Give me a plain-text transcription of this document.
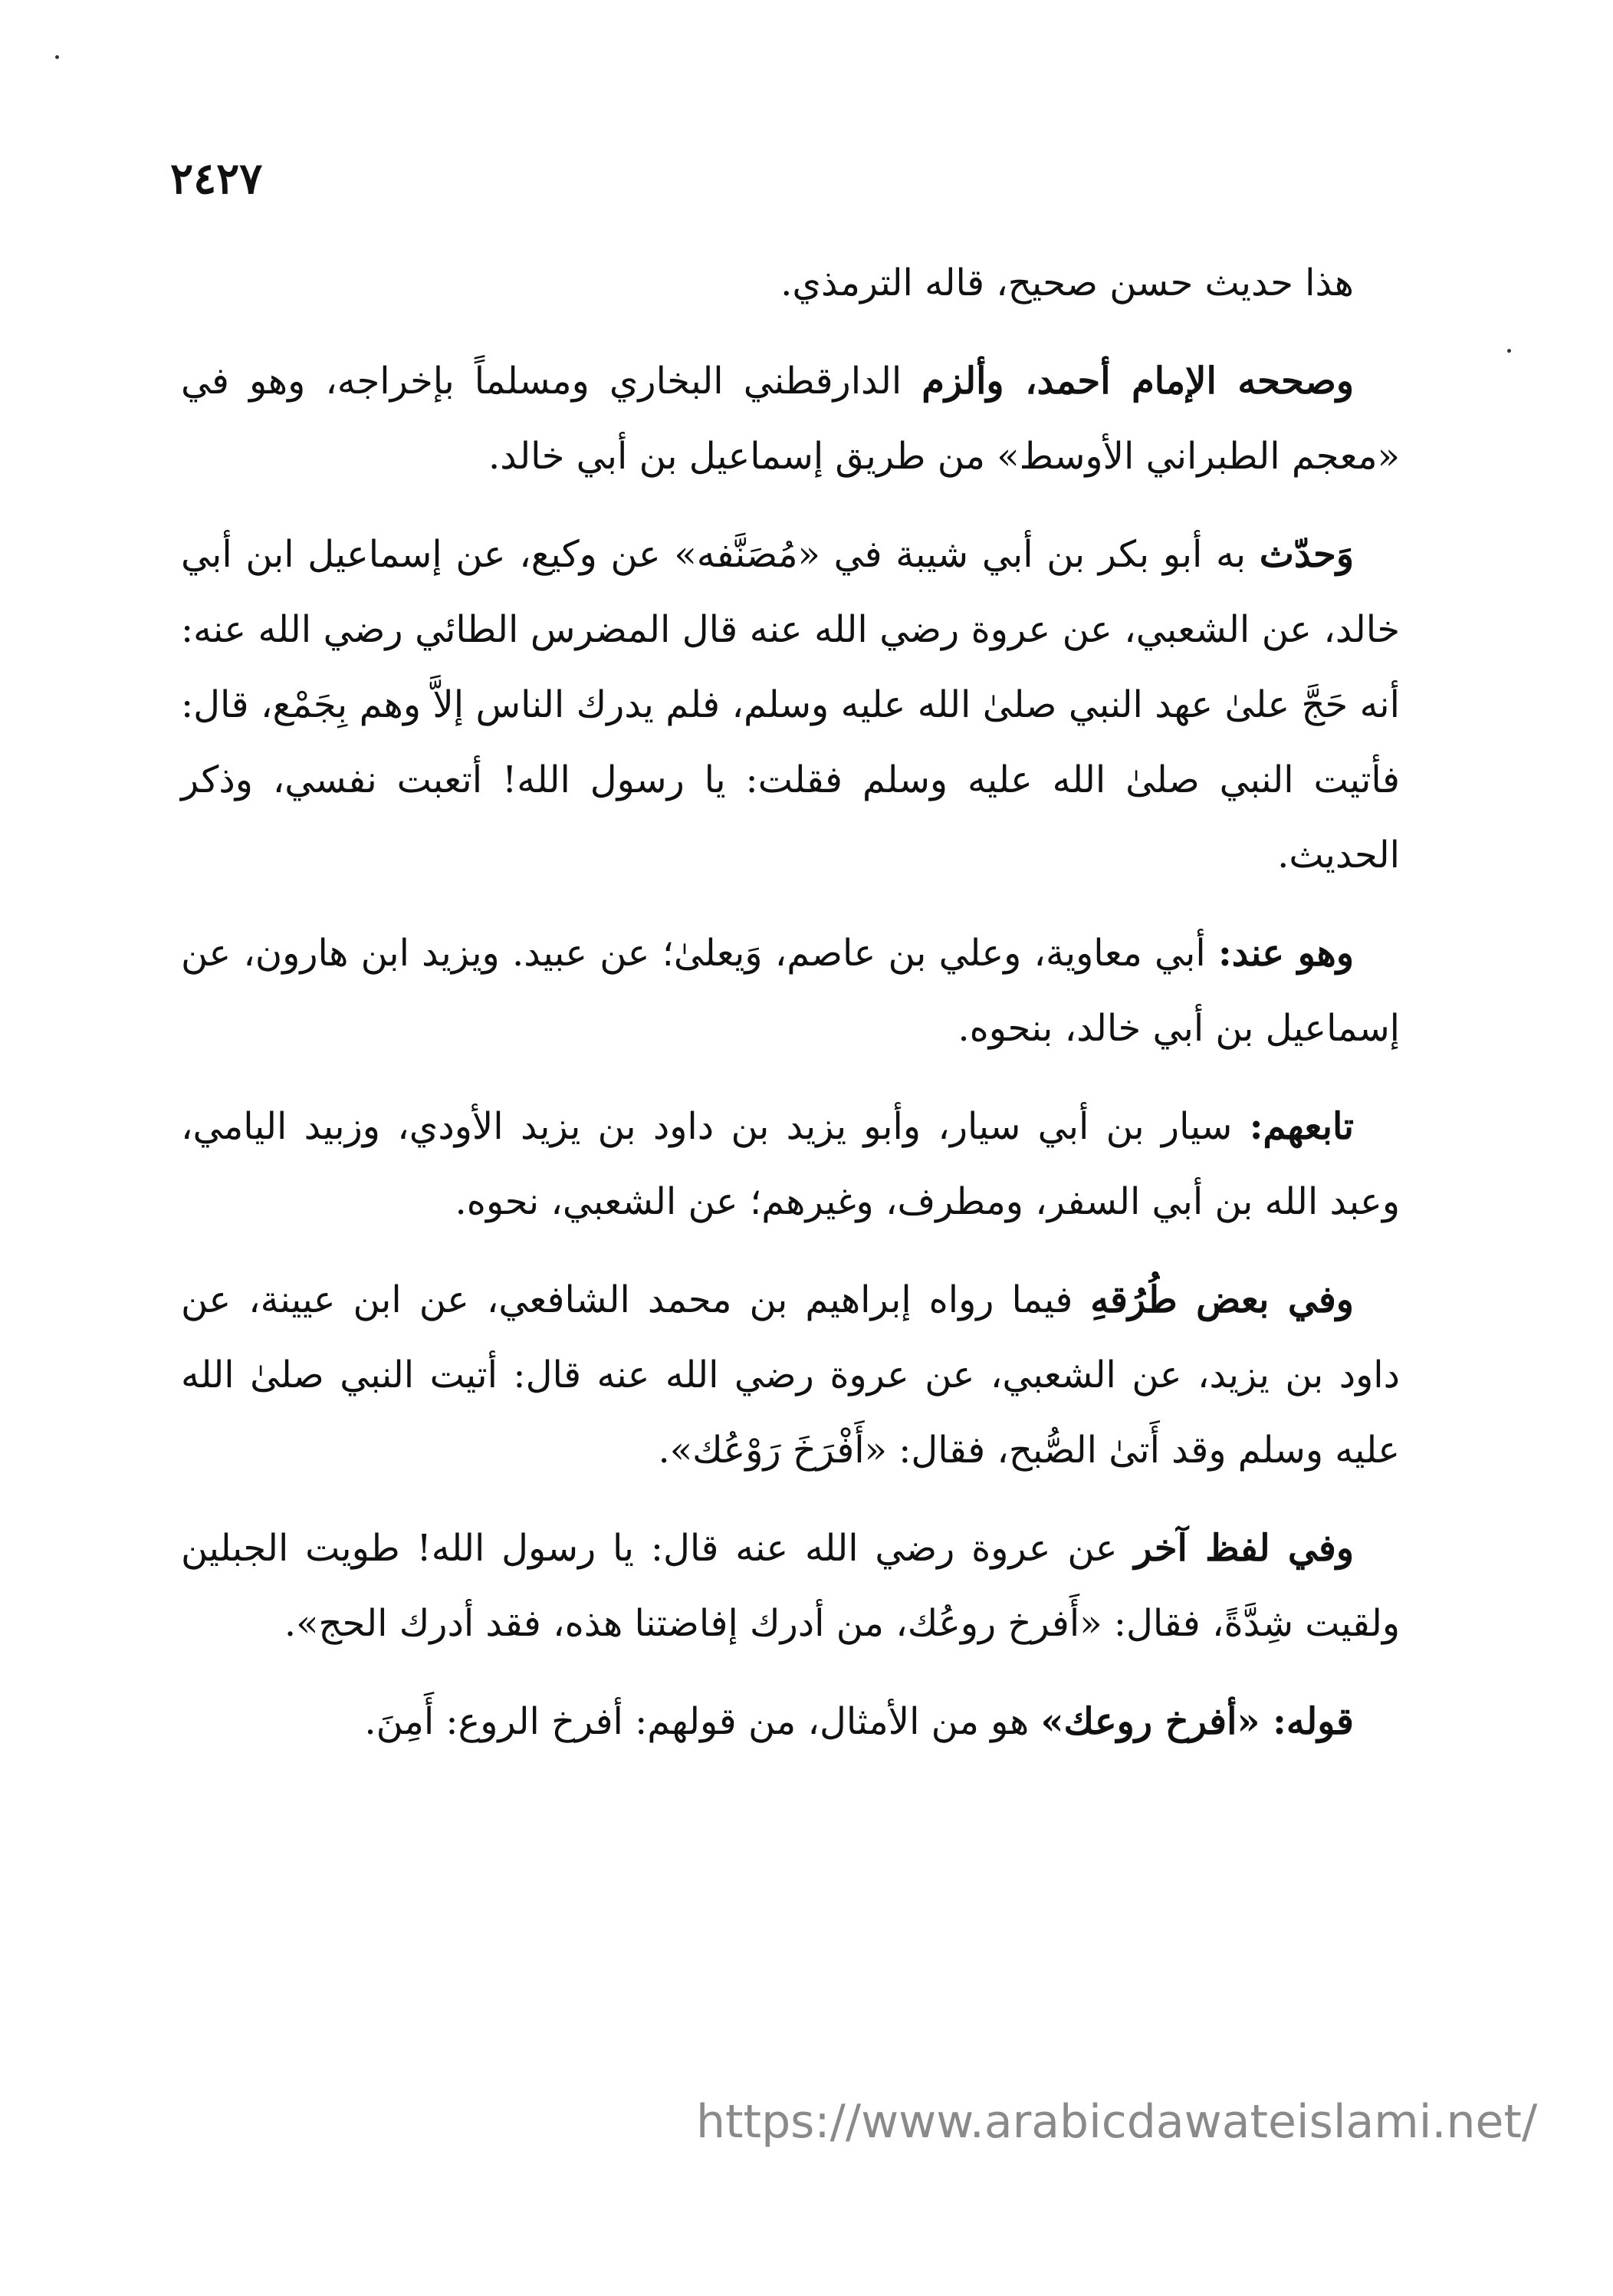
٢٤٢٧

هذا حديث حسن صحيح، قاله الترمذي.

وصححه الإمام أحمد، وألزم الدارقطني البخاري ومسلماً بإخراجه، وهو في «معجم الطبراني الأوسط» من طريق إسماعيل بن أبي خالد.

وَحدّث به أبو بكر بن أبي شيبة في «مُصَنَّفه» عن وكيع، عن إسماعيل ابن أبي خالد، عن الشعبي، عن عروة رضي الله عنه قال المضرس الطائي رضي الله عنه: أنه حَجَّ علىٰ عهد النبي صلىٰ الله عليه وسلم، فلم يدرك الناس إلاَّ وهم بِجَمْع، قال: فأتيت النبي صلىٰ الله عليه وسلم فقلت: يا رسول الله! أتعبت نفسي، وذكر الحديث.

وهو عند: أبي معاوية، وعلي بن عاصم، وَيعلىٰ؛ عن عبيد. ويزيد ابن هارون، عن إسماعيل بن أبي خالد، بنحوه.

تابعهم: سيار بن أبي سيار، وأبو يزيد بن داود بن يزيد الأودي، وزبيد اليامي، وعبد الله بن أبي السفر، ومطرف، وغيرهم؛ عن الشعبي، نحوه.

وفي بعض طُرُقهِ فيما رواه إبراهيم بن محمد الشافعي، عن ابن عيينة، عن داود بن يزيد، عن الشعبي، عن عروة رضي الله عنه قال: أتيت النبي صلىٰ الله عليه وسلم وقد أَتىٰ الصُّبح، فقال: «أَفْرَخَ رَوْعُك».

وفي لفظ آخر عن عروة رضي الله عنه قال: يا رسول الله! طويت الجبلين ولقيت شِدَّةً، فقال: «أَفرخ روعُك، من أدرك إفاضتنا هذه، فقد أدرك الحج».

قوله: «أفرخ روعك» هو من الأمثال، من قولهم: أفرخ الروع: أَمِنَ.

https://www.arabicdawateislami.net/
